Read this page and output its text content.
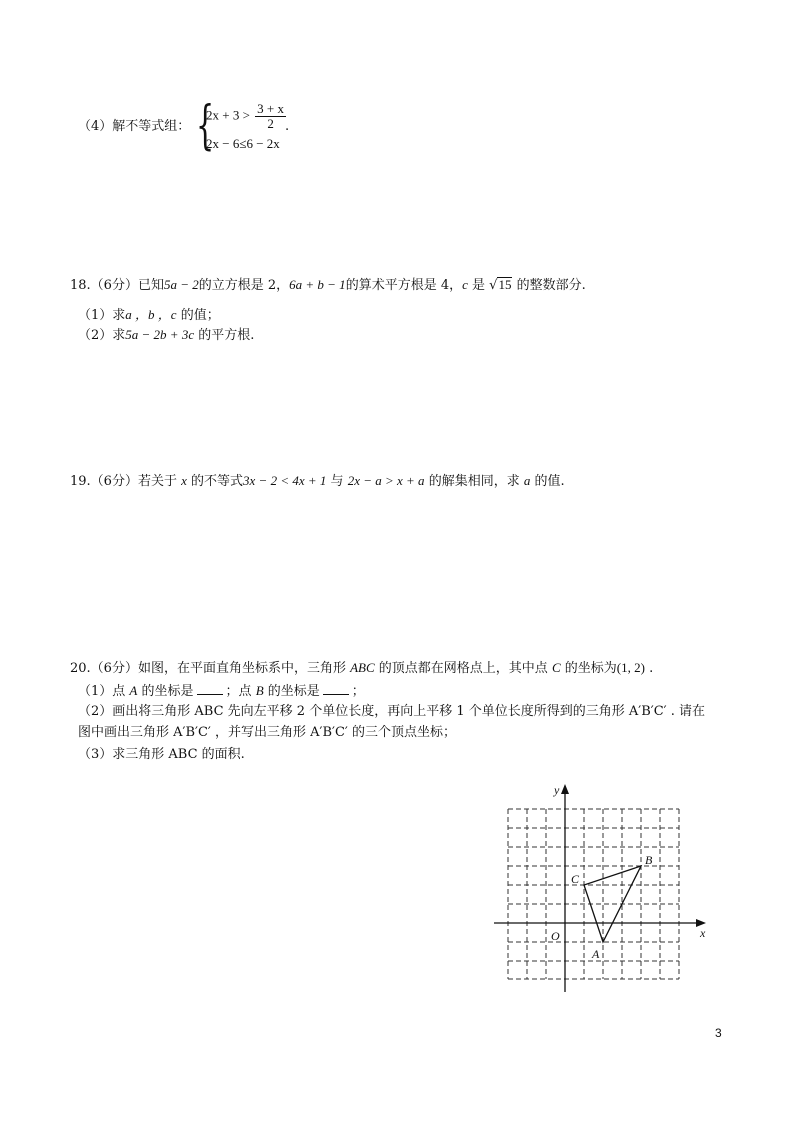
（4）解不等式组： {
$2x + 3 > \frac{3 + x}{2}$
2x − 6≤6 − 2x
.
18.（6分）已知5a − 2的立方根是 2，6a + b − 1的算术平方根是 4，c 是 √15 的整数部分.
（1）求a ，b ，c 的值；
（2）求5a − 2b + 3c 的平方根.
19.（6分）若关于 x 的不等式3x − 2 < 4x + 1 与 2x − a > x + a 的解集相同，求 a 的值.
20.（6分）如图，在平面直角坐标系中，三角形 ABC 的顶点都在网格点上，其中点 C 的坐标为(1, 2) .
（1）点 A 的坐标是 ；点 B 的坐标是 ；
（2）画出将三角形 ABC 先向左平移 2 个单位长度，再向上平移 1 个单位长度所得到的三角形 A′B′C′ . 请在
图中画出三角形 A′B′C′ ，并写出三角形 A′B′C′ 的三个顶点坐标；
（3）求三角形 ABC 的面积.
y
x
O
A
B
C
3
